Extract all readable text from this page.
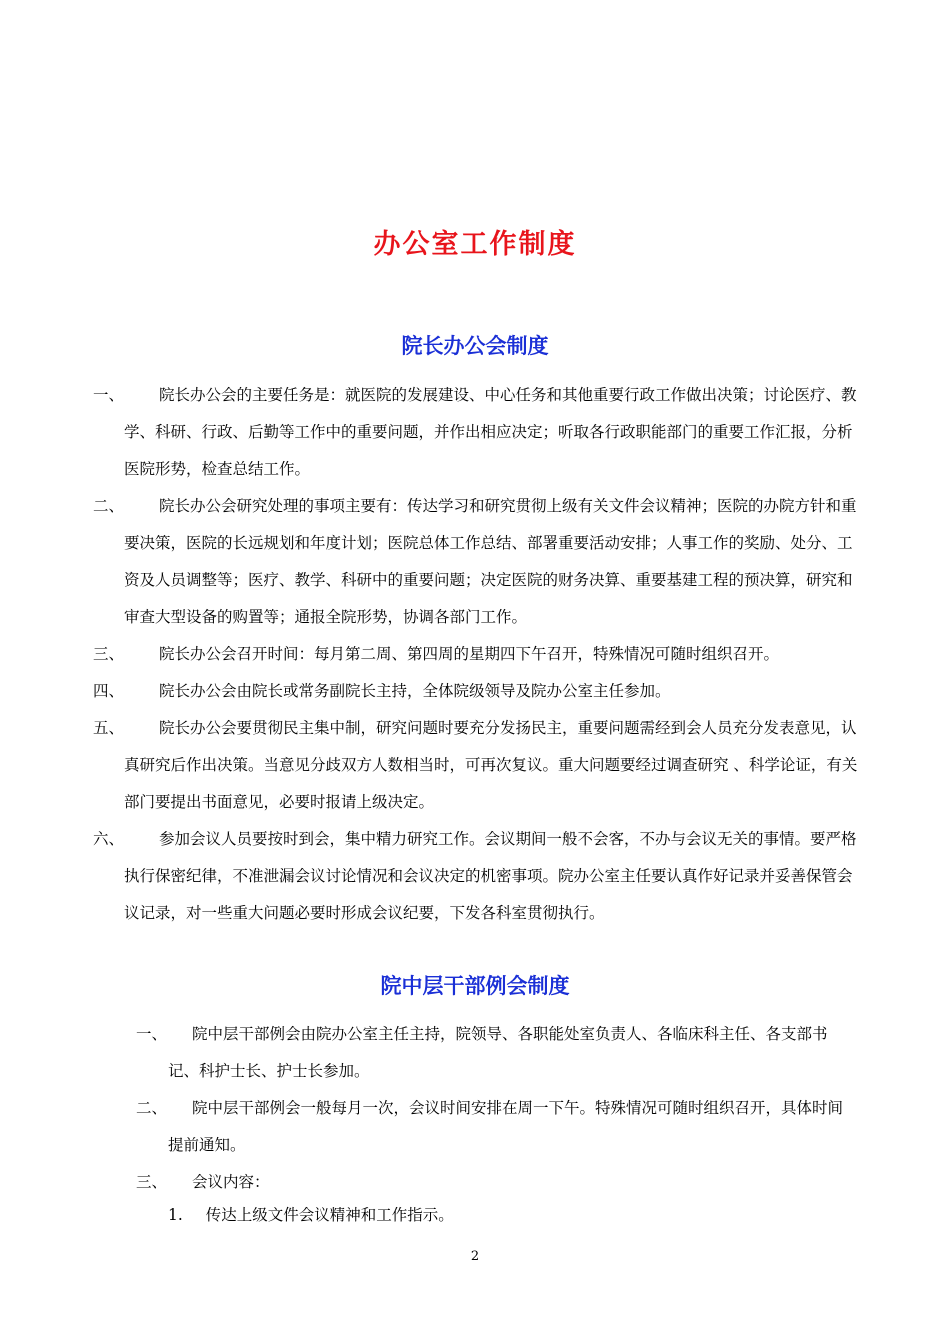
办公室工作制度
院长办公会制度
一、	院长办公会的主要任务是：就医院的发展建设、中心任务和其他重要行政工作做出决策；讨论医疗、教学、科研、行政、后勤等工作中的重要问题，并作出相应决定；听取各行政职能部门的重要工作汇报，分析医院形势，检查总结工作。
二、	院长办公会研究处理的事项主要有：传达学习和研究贯彻上级有关文件会议精神；医院的办院方针和重要决策，医院的长远规划和年度计划；医院总体工作总结、部署重要活动安排；人事工作的奖励、处分、工资及人员调整等；医疗、教学、科研中的重要问题；决定医院的财务决算、重要基建工程的预决算，研究和审查大型设备的购置等；通报全院形势，协调各部门工作。
三、	院长办公会召开时间：每月第二周、第四周的星期四下午召开，特殊情况可随时组织召开。
四、	院长办公会由院长或常务副院长主持，全体院级领导及院办公室主任参加。
五、	院长办公会要贯彻民主集中制，研究问题时要充分发扬民主，重要问题需经到会人员充分发表意见，认真研究后作出决策。当意见分歧双方人数相当时，可再次复议。重大问题要经过调查研究 、科学论证，有关部门要提出书面意见，必要时报请上级决定。
六、	参加会议人员要按时到会，集中精力研究工作。会议期间一般不会客，不办与会议无关的事情。要严格执行保密纪律，不准泄漏会议讨论情况和会议决定的机密事项。院办公室主任要认真作好记录并妥善保管会议记录，对一些重大问题必要时形成会议纪要，下发各科室贯彻执行。
院中层干部例会制度
一、	院中层干部例会由院办公室主任主持，院领导、各职能处室负责人、各临床科主任、各支部书记、科护士长、护士长参加。
二、	院中层干部例会一般每月一次，会议时间安排在周一下午。特殊情况可随时组织召开，具体时间提前通知。
三、	会议内容：
1. 传达上级文件会议精神和工作指示。
2
